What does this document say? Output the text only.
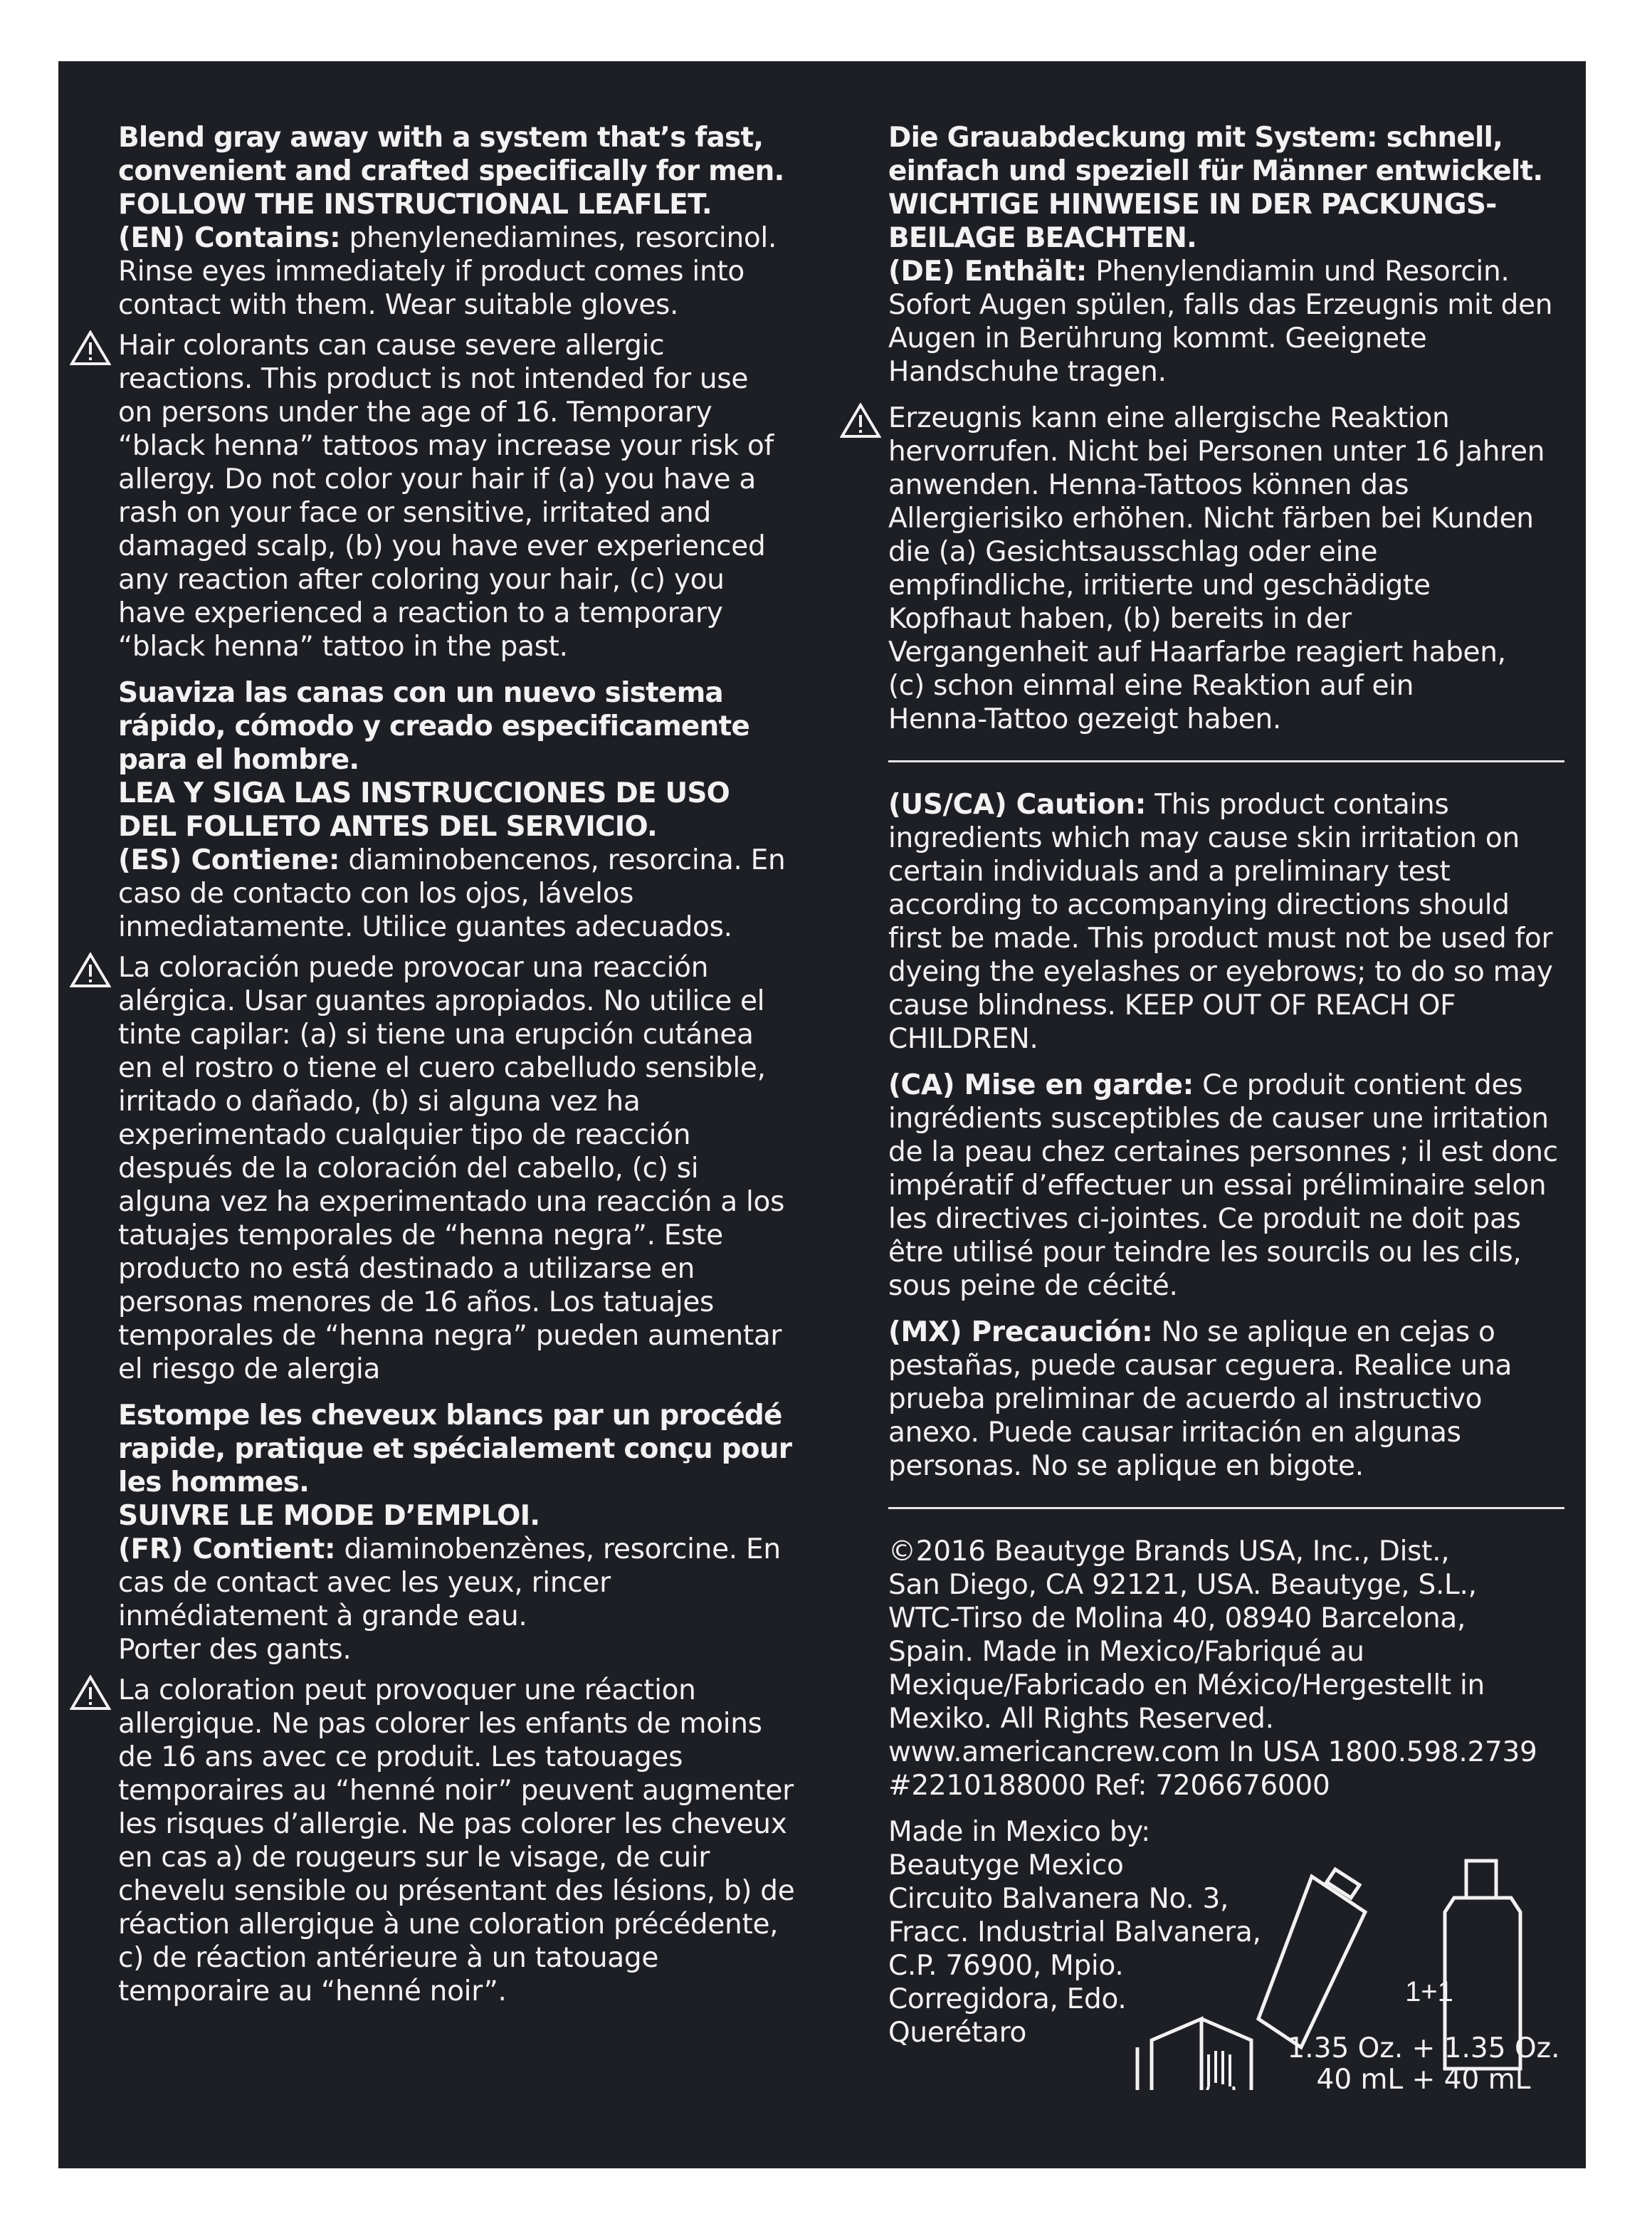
Blend gray away with a system that’s fast,

convenient and crafted specifically for men.

FOLLOW THE INSTRUCTIONAL LEAFLET.

(EN) Contains: phenylenediamines, resorcinol.

Rinse eyes immediately if product comes into

contact with them. Wear suitable gloves.

Hair colorants can cause severe allergic

reactions. This product is not intended for use

on persons under the age of 16. Temporary

“black henna” tattoos may increase your risk of

allergy. Do not color your hair if (a) you have a

rash on your face or sensitive, irritated and

damaged scalp, (b) you have ever experienced

any reaction after coloring your hair, (c) you

have experienced a reaction to a temporary

“black henna” tattoo in the past.

Suaviza las canas con un nuevo sistema

rápido, cómodo y creado especificamente

para el hombre.

LEA Y SIGA LAS INSTRUCCIONES DE USO

DEL FOLLETO ANTES DEL SERVICIO.

(ES) Contiene: diaminobencenos, resorcina. En

caso de contacto con los ojos, lávelos

inmediatamente. Utilice guantes adecuados.

La coloración puede provocar una reacción

alérgica. Usar guantes apropiados. No utilice el

tinte capilar: (a) si tiene una erupción cutánea

en el rostro o tiene el cuero cabelludo sensible,

irritado o dañado, (b) si alguna vez ha

experimentado cualquier tipo de reacción

después de la coloración del cabello, (c) si

alguna vez ha experimentado una reacción a los

tatuajes temporales de “henna negra”. Este

producto no está destinado a utilizarse en

personas menores de 16 años. Los tatuajes

temporales de “henna negra” pueden aumentar

el riesgo de alergia

Estompe les cheveux blancs par un procédé

rapide, pratique et spécialement conçu pour

les hommes.

SUIVRE LE MODE D’EMPLOI.

(FR) Contient: diaminobenzènes, resorcine. En

cas de contact avec les yeux, rincer

inmédiatement à grande eau.

Porter des gants.

La coloration peut provoquer une réaction

allergique. Ne pas colorer les enfants de moins

de 16 ans avec ce produit. Les tatouages

temporaires au “henné noir” peuvent augmenter

les risques d’allergie. Ne pas colorer les cheveux

en cas a) de rougeurs sur le visage, de cuir

chevelu sensible ou présentant des lésions, b) de

réaction allergique à une coloration précédente,

c) de réaction antérieure à un tatouage

temporaire au “henné noir”.

Die Grauabdeckung mit System: schnell,

einfach und speziell für Männer entwickelt.

WICHTIGE HINWEISE IN DER PACKUNGS-

BEILAGE BEACHTEN.

(DE) Enthält: Phenylendiamin und Resorcin.

Sofort Augen spülen, falls das Erzeugnis mit den

Augen in Berührung kommt. Geeignete

Handschuhe tragen.

Erzeugnis kann eine allergische Reaktion

hervorrufen. Nicht bei Personen unter 16 Jahren

anwenden. Henna-Tattoos können das

Allergierisiko erhöhen. Nicht färben bei Kunden

die (a) Gesichtsausschlag oder eine

empfindliche, irritierte und geschädigte

Kopfhaut haben, (b) bereits in der

Vergangenheit auf Haarfarbe reagiert haben,

(c) schon einmal eine Reaktion auf ein

Henna-Tattoo gezeigt haben.

(US/CA) Caution: This product contains

ingredients which may cause skin irritation on

certain individuals and a preliminary test

according to accompanying directions should

first be made. This product must not be used for

dyeing the eyelashes or eyebrows; to do so may

cause blindness. KEEP OUT OF REACH OF

CHILDREN.

(CA) Mise en garde: Ce produit contient des

ingrédients susceptibles de causer une irritation

de la peau chez certaines personnes ; il est donc

impératif d’effectuer un essai préliminaire selon

les directives ci-jointes. Ce produit ne doit pas

être utilisé pour teindre les sourcils ou les cils,

sous peine de cécité.

(MX) Precaución: No se aplique en cejas o

pestañas, puede causar ceguera. Realice una

prueba preliminar de acuerdo al instructivo

anexo. Puede causar irritación en algunas

personas. No se aplique en bigote.

©2016 Beautyge Brands USA, Inc., Dist.,

San Diego, CA 92121, USA. Beautyge, S.L.,

WTC-Tirso de Molina 40, 08940 Barcelona,

Spain. Made in Mexico/Fabriqué au

Mexique/Fabricado en México/Hergestellt in

Mexiko. All Rights Reserved.

www.americancrew.com In USA 1800.598.2739

#2210188000 Ref: 7206676000

Made in Mexico by:

Beautyge Mexico

Circuito Balvanera No. 3,

Fracc. Industrial Balvanera,

C.P. 76900, Mpio.

Corregidora, Edo.

Querétaro

1+1
1.35 Oz. + 1.35 Oz.
40 mL + 40 mL
